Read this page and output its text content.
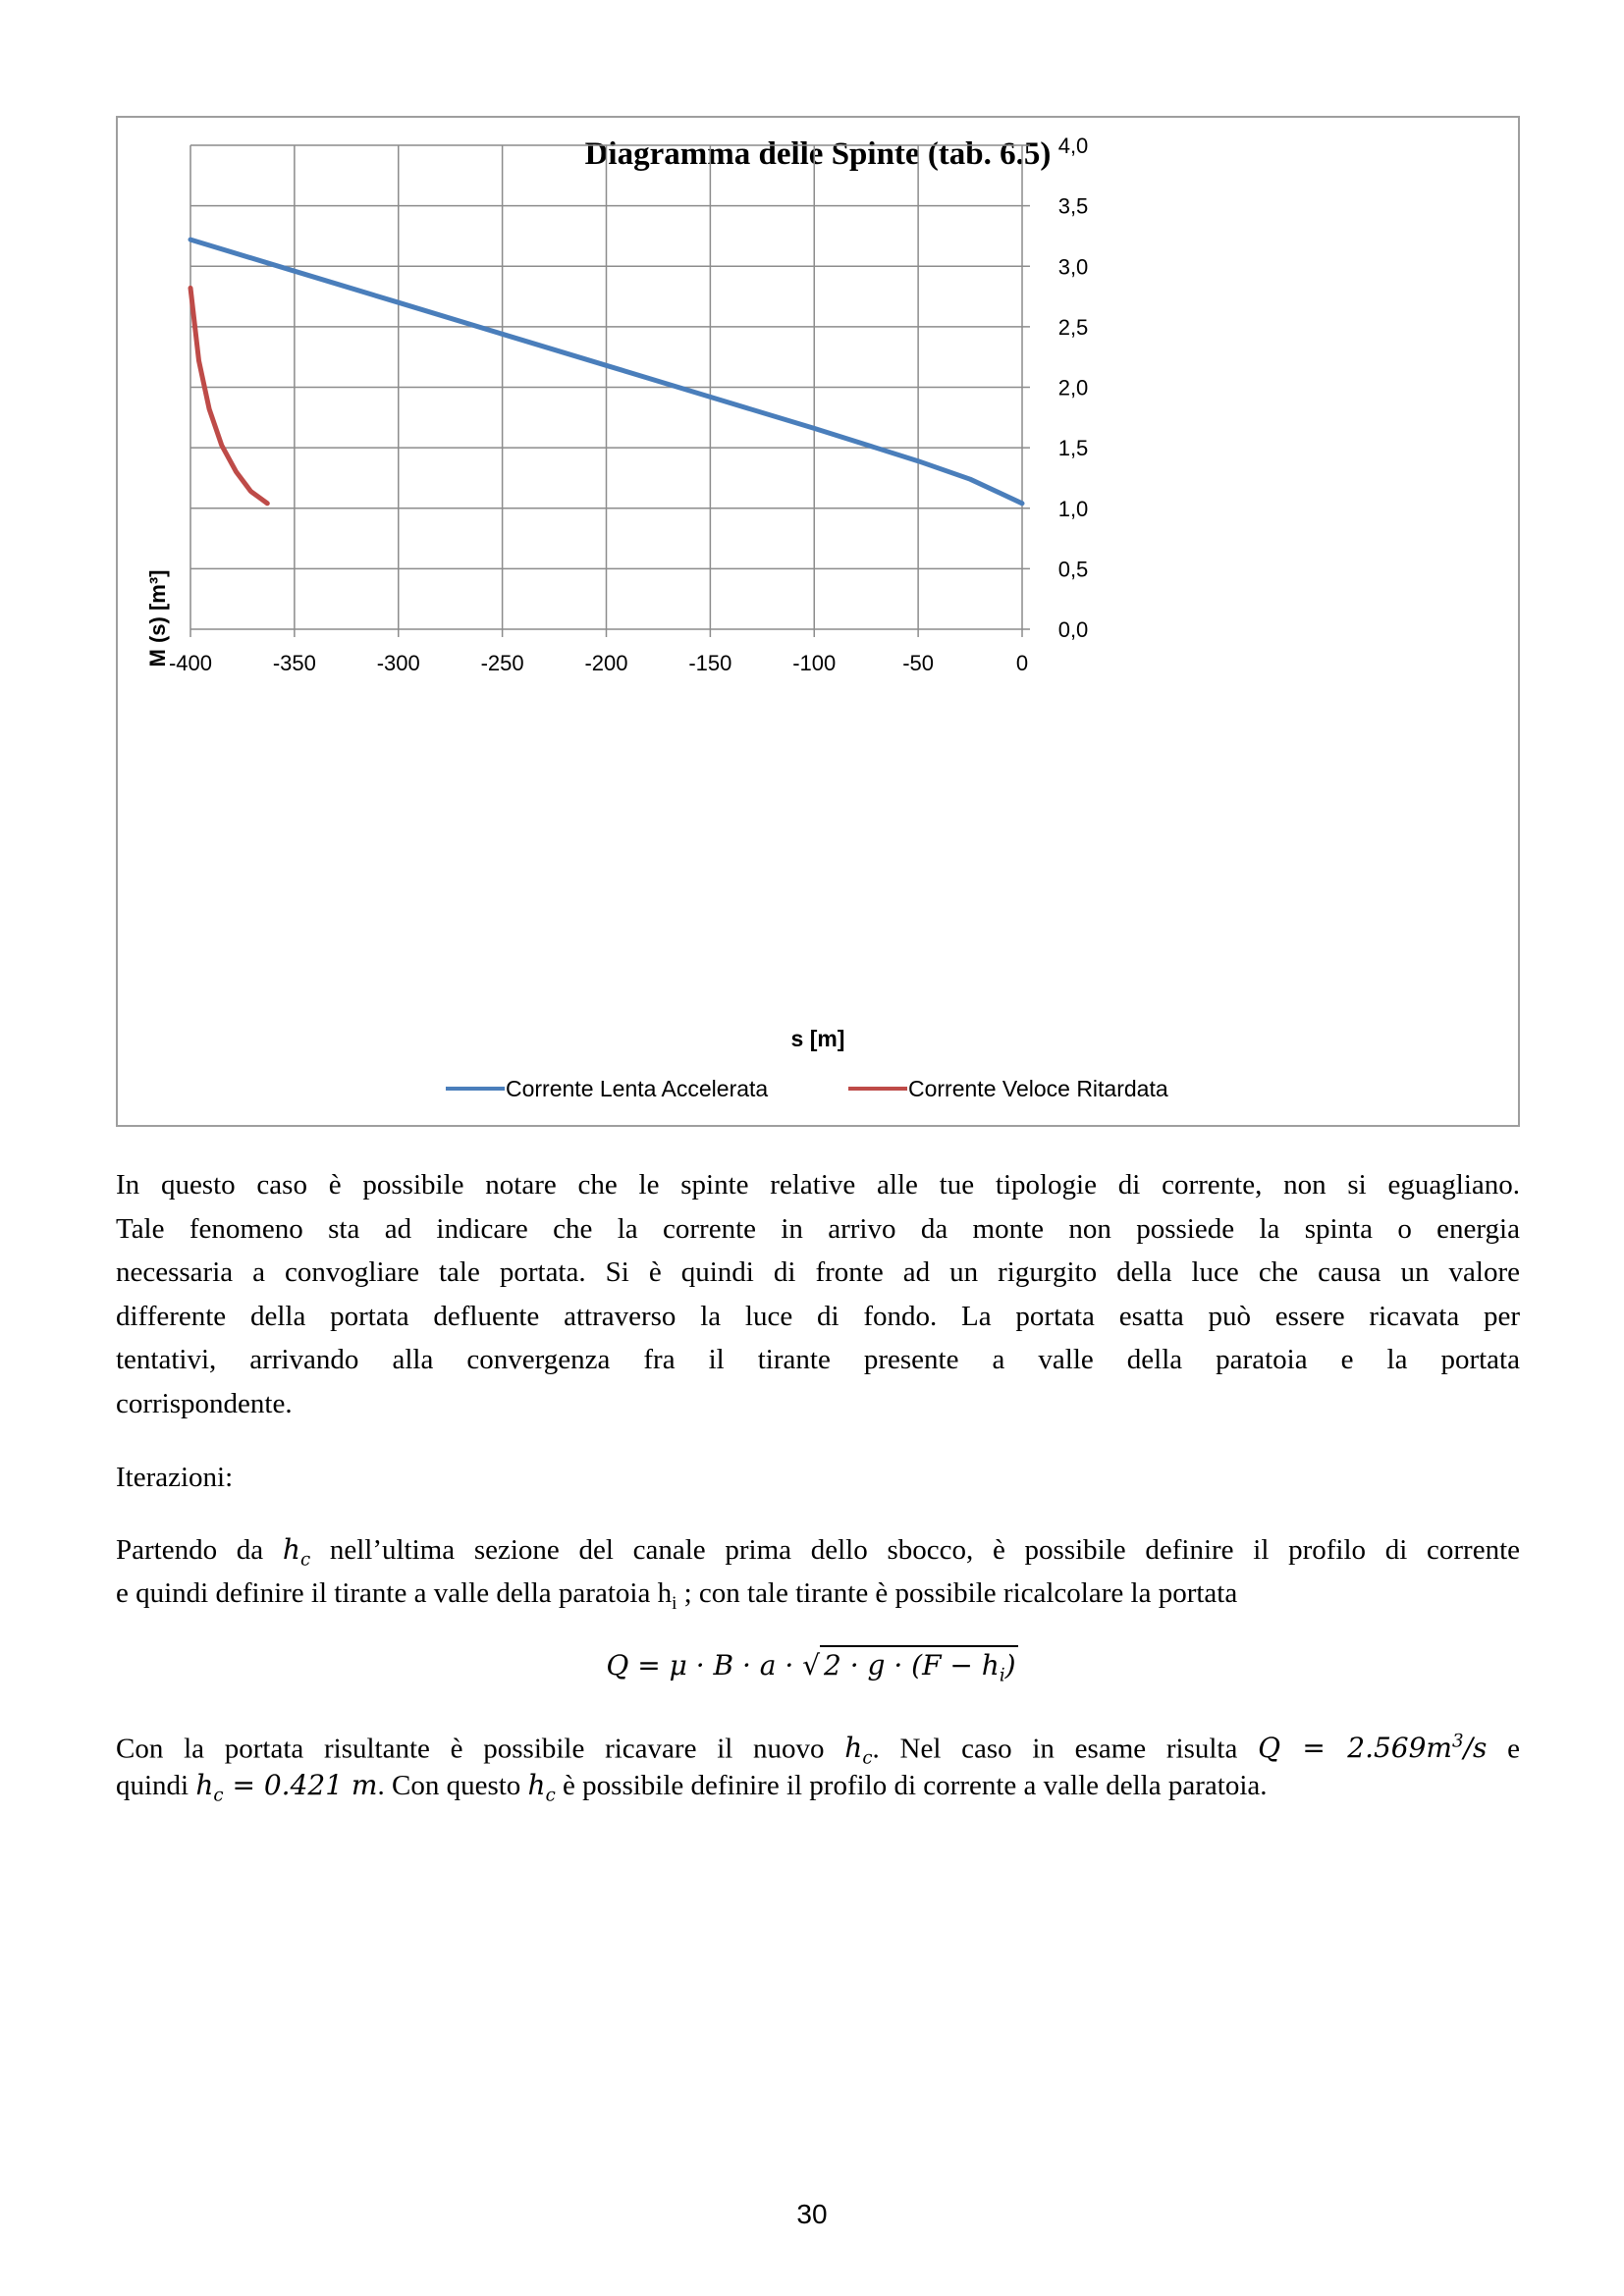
Diagramma delle Spinte (tab. 6.5)
-400	-350	-300	-250	-200	-150	-100	-50	0
0,0
0,5
1,0
1,5
2,0
2,5
3,0
3,5
4,0
s [m]
M (s) [m³]
Corrente Lenta Accelerata	Corrente Veloce Ritardata
In questo caso è possibile notare che le spinte relative alle tue tipologie di corrente, non si eguagliano.
Tale fenomeno sta ad indicare che la corrente in arrivo da monte non possiede la spinta o energia
necessaria a convogliare tale portata. Si è quindi di fronte ad un rigurgito della luce che causa un valore
differente della portata defluente attraverso la luce di fondo. La portata esatta può essere ricavata per
tentativi, arrivando alla convergenza fra il tirante presente a valle della paratoia e la portata
corrispondente.
Iterazioni:
Partendo da $h_c$ nell’ultima sezione del canale prima dello sbocco, è possibile definire il profilo di corrente
e quindi definire il tirante a valle della paratoia $h_i$ ; con tale tirante è possibile ricalcolare la portata
Q = μ · B · a · √ $2 \cdot g \cdot (F - h_i)$
Con la portata risultante è possibile ricavare il nuovo $h_c$. Nel caso in esame risulta $Q = 2.569m^3/s$ e
quindi $h_c = 0.421$ m. Con questo $h_c$ è possibile definire il profilo di corrente a valle della paratoia.
30
